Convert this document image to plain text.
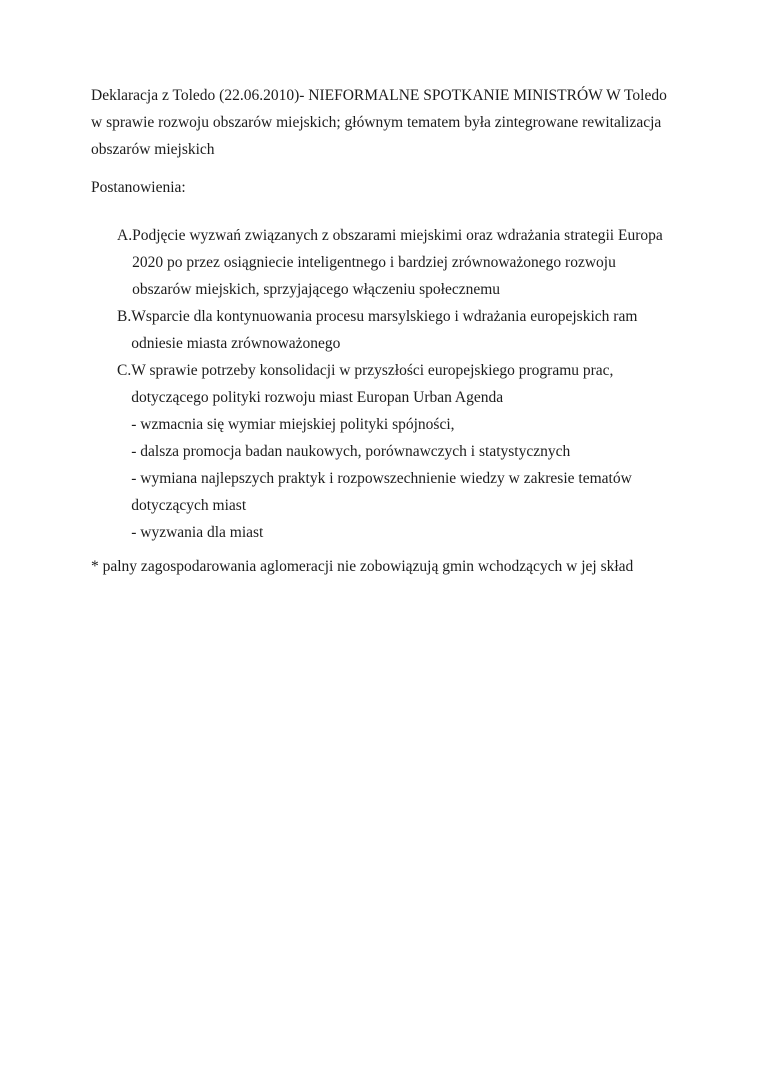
Deklaracja z Toledo (22.06.2010)- NIEFORMALNE SPOTKANIE MINISTRÓW W Toledo
w sprawie rozwoju obszarów miejskich; głównym tematem była zintegrowane rewitalizacja
obszarów miejskich

Postanowienia:

A. Podjęcie wyzwań związanych z obszarami miejskimi oraz wdrażania strategii Europa
2020 po przez osiągniecie inteligentnego i bardziej zrównoważonego rozwoju
obszarów miejskich, sprzyjającego włączeniu społecznemu
B. Wsparcie dla kontynuowania procesu marsylskiego i wdrażania europejskich ram
odniesie miasta zrównoważonego
C. W sprawie potrzeby konsolidacji w przyszłości europejskiego programu prac,
dotyczącego polityki rozwoju miast Europan Urban Agenda
- wzmacnia się wymiar miejskiej polityki spójności,
- dalsza promocja badan naukowych, porównawczych i statystycznych
- wymiana najlepszych praktyk i rozpowszechnienie wiedzy w zakresie tematów
dotyczących miast
- wyzwania dla miast

* palny zagospodarowania aglomeracji nie zobowiązują gmin wchodzących w jej skład
